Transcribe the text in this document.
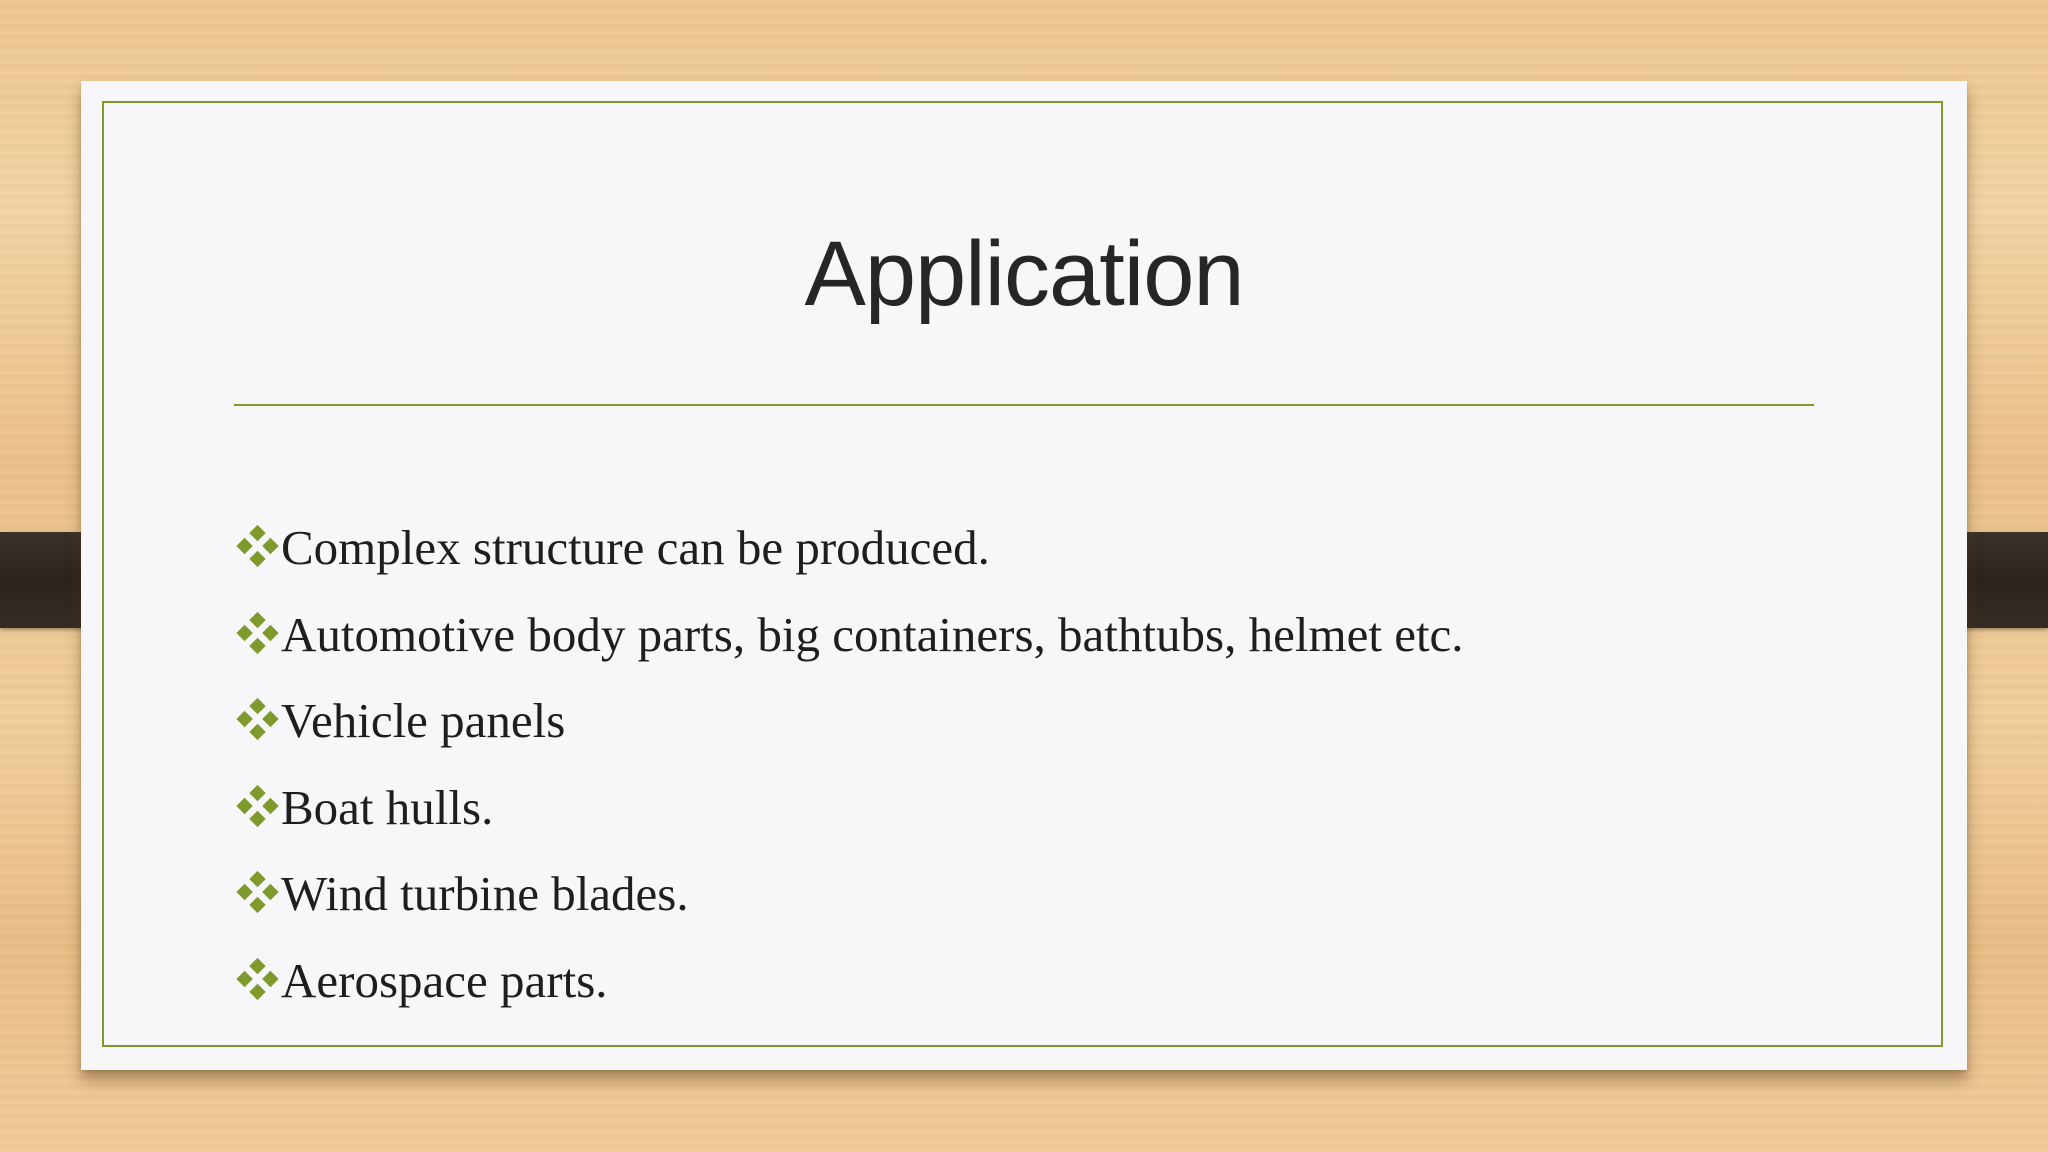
Application
Complex structure can be produced.
Automotive body parts, big containers, bathtubs, helmet etc.
Vehicle panels
Boat hulls.
Wind turbine blades.
Aerospace parts.
